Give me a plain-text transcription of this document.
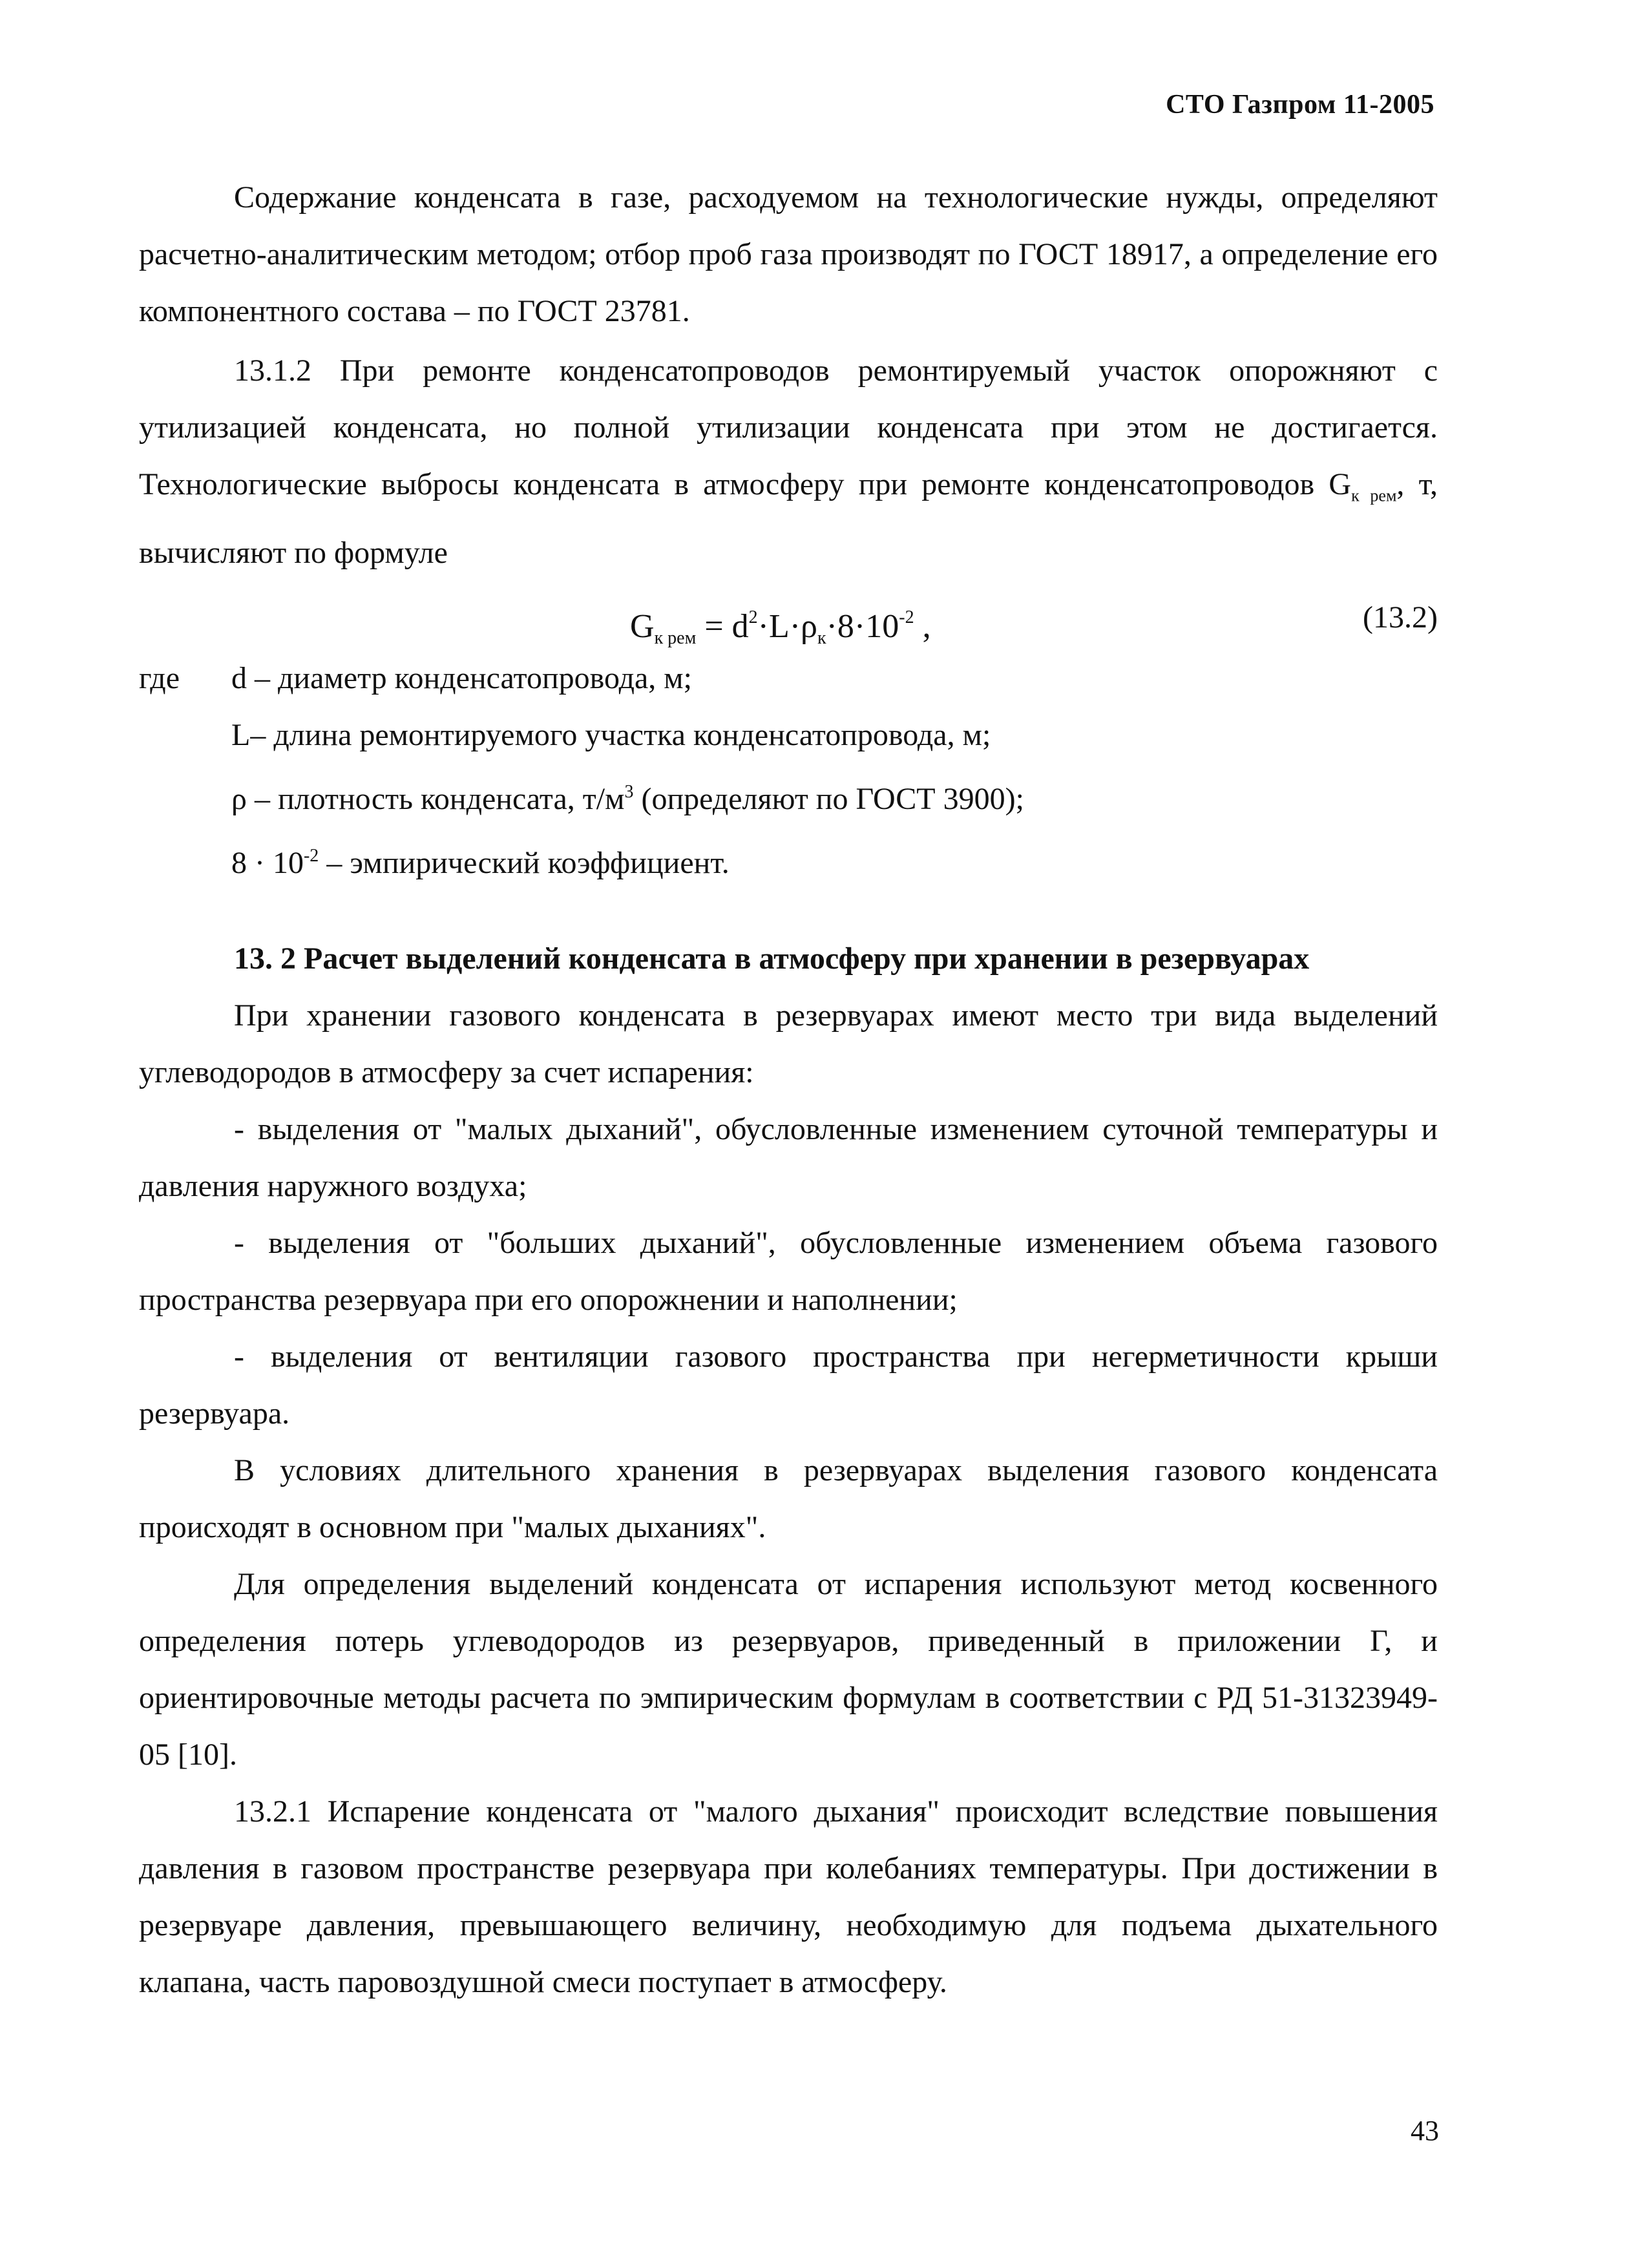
СТО Газпром 11-2005

Содержание конденсата в газе, расходуемом на технологические нужды, определяют расчетно-аналитическим методом; отбор проб газа производят по ГОСТ 18917, а определение его компонентного состава – по ГОСТ 23781.

13.1.2 При ремонте конденсатопроводов ремонтируемый участок опорожняют с утилизацией конденсата, но полной утилизации конденсата при этом не достигается. Технологические выбросы конденсата в атмосферу при ремонте конденсатопроводов $G_{к рем}$, т, вычисляют по формуле

$G_{к рем} = d^2\cdot L\cdot\rho_к\cdot 8\cdot 10^{-2}$ ,	(13.2)
где d – диаметр конденсатопровода, м;
L– длина ремонтируемого участка конденсатопровода, м;
ρ – плотность конденсата, $т/м^3$ (определяют по ГОСТ 3900);
$8 \cdot 10^{-2}$ – эмпирический коэффициент.

13. 2 Расчет выделений конденсата в атмосферу при хранении в резервуарах

При хранении газового конденсата в резервуарах имеют место три вида выделений углеводородов в атмосферу за счет испарения:

- выделения от "малых дыханий", обусловленные изменением суточной температуры и давления наружного воздуха;

- выделения от "больших дыханий", обусловленные изменением объема газового пространства резервуара при его опорожнении и наполнении;

- выделения от вентиляции газового пространства при негерметичности крыши резервуара.

В условиях длительного хранения в резервуарах выделения газового конденсата происходят в основном при "малых дыханиях".

Для определения выделений конденсата от испарения используют метод косвенного определения потерь углеводородов из резервуаров, приведенный в приложении Г, и ориентировочные методы расчета по эмпирическим формулам в соответствии с РД 51-31323949-05 [10].

13.2.1 Испарение конденсата от "малого дыхания" происходит вследствие повышения давления в газовом пространстве резервуара при колебаниях температуры. При достижении в резервуаре давления, превышающего величину, необходимую для подъема дыхательного клапана, часть паровоздушной смеси поступает в атмосферу.

43
